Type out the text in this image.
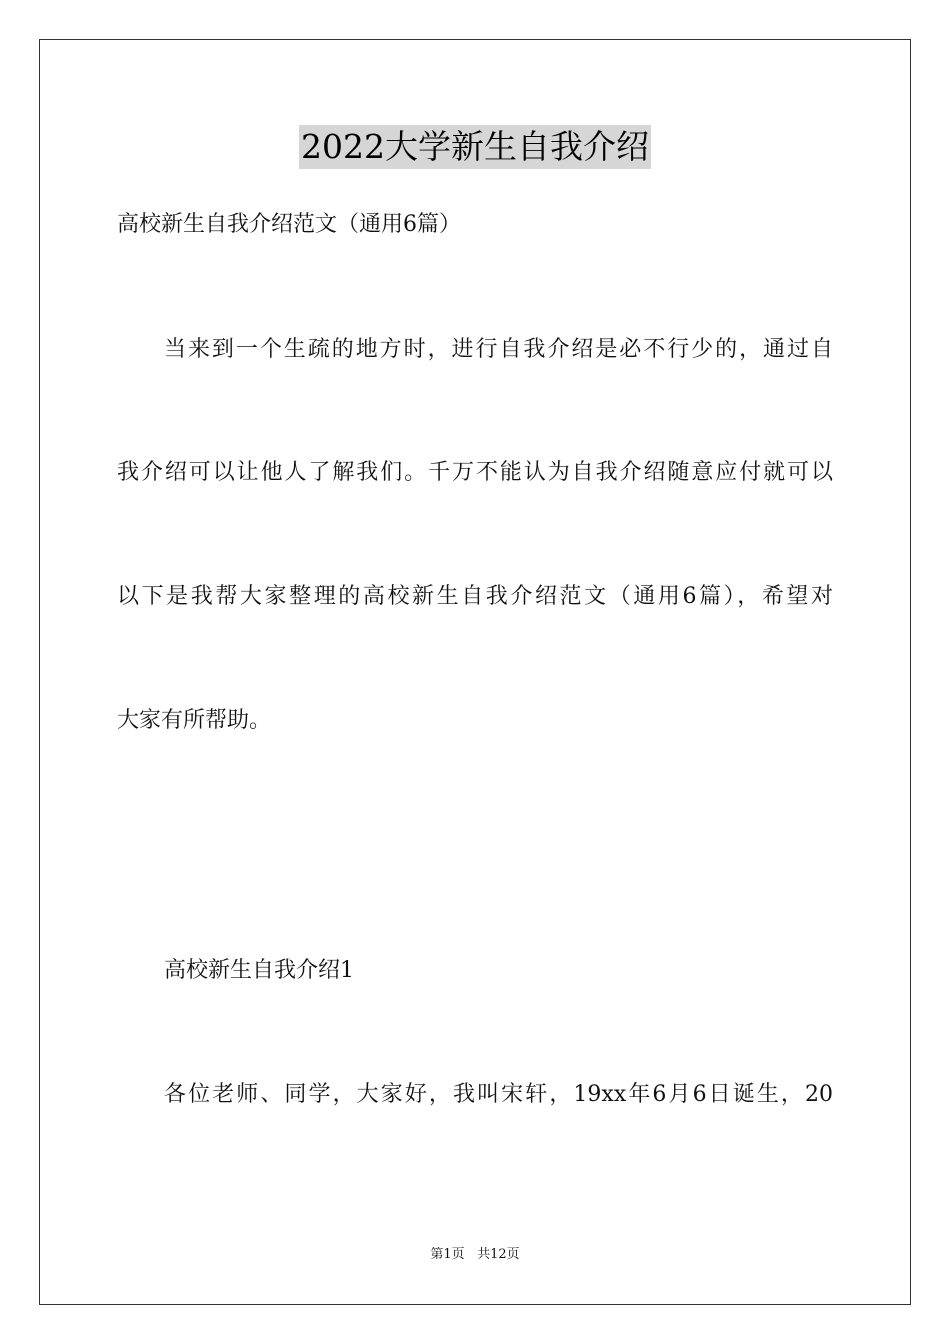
2022大学新生自我介绍
高校新生自我介绍范文（通用6篇）
当来到一个生疏的地方时，进行自我介绍是必不行少的，通过自
我介绍可以让他人了解我们。千万不能认为自我介绍随意应付就可以
以下是我帮大家整理的高校新生自我介绍范文（通用6篇），希望对
大家有所帮助。
高校新生自我介绍1
各位老师、同学，大家好，我叫宋轩，19xx年6月6日诞生，20
第1页 共12页
